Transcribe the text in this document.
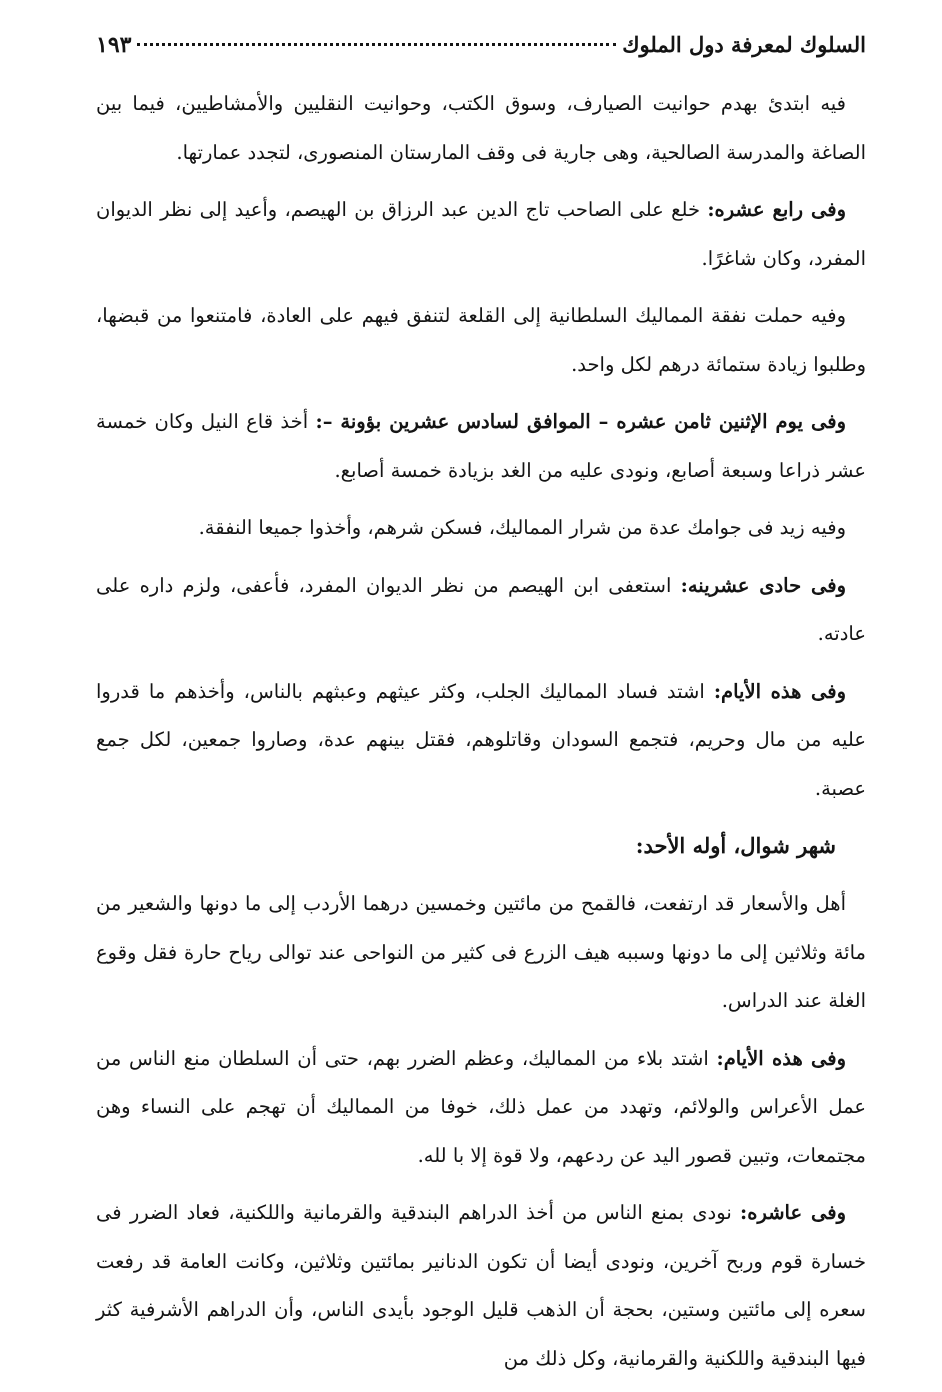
السلوك لمعرفة دول الملوك
١٩٣

فيه ابتدئ بهدم حوانيت الصيارف، وسوق الكتب، وحوانيت النقليين والأمشاطيين، فيما بين الصاغة والمدرسة الصالحية، وهى جارية فى وقف المارستان المنصورى، لتجدد عمارتها.

وفى رابع عشره: خلع على الصاحب تاج الدين عبد الرزاق بن الهيصم، وأعيد إلى نظر الديوان المفرد، وكان شاغرًا.

وفيه حملت نفقة المماليك السلطانية إلى القلعة لتنفق فيهم على العادة، فامتنعوا من قبضها، وطلبوا زيادة ستمائة درهم لكل واحد.

وفى يوم الإثنين ثامن عشره – الموافق لسادس عشرين بؤونة –: أخذ قاع النيل وكان خمسة عشر ذراعا وسبعة أصابع، ونودى عليه من الغد بزيادة خمسة أصابع.

وفيه زيد فى جوامك عدة من شرار المماليك، فسكن شرهم، وأخذوا جميعا النفقة.

وفى حادى عشرينه: استعفى ابن الهيصم من نظر الديوان المفرد، فأعفى، ولزم داره على عادته.

وفى هذه الأيام: اشتد فساد المماليك الجلب، وكثر عيثهم وعبثهم بالناس، وأخذهم ما قدروا عليه من مال وحريم، فتجمع السودان وقاتلوهم، فقتل بينهم عدة، وصاروا جمعين، لكل جمع عصبة.

شهر شوال، أوله الأحد:

أهل والأسعار قد ارتفعت، فالقمح من مائتين وخمسين درهما الأردب إلى ما دونها والشعير من مائة وثلاثين إلى ما دونها وسببه هيف الزرع فى كثير من النواحى عند توالى رياح حارة فقل وقوع الغلة عند الدراس.

وفى هذه الأيام: اشتد بلاء من المماليك، وعظم الضرر بهم، حتى أن السلطان منع الناس من عمل الأعراس والولائم، وتهدد من عمل ذلك، خوفا من المماليك أن تهجم على النساء وهن مجتمعات، وتبين قصور اليد عن ردعهم، ولا قوة إلا با لله.

وفى عاشره: نودى بمنع الناس من أخذ الدراهم البندقية والقرمانية واللكنية، فعاد الضرر فى خسارة قوم وربح آخرين، ونودى أيضا أن تكون الدنانير بمائتين وثلاثين، وكانت العامة قد رفعت سعره إلى مائتين وستين، بحجة أن الذهب قليل الوجود بأيدى الناس، وأن الدراهم الأشرفية كثر فيها البندقية واللكنية والقرمانية، وكل ذلك من
